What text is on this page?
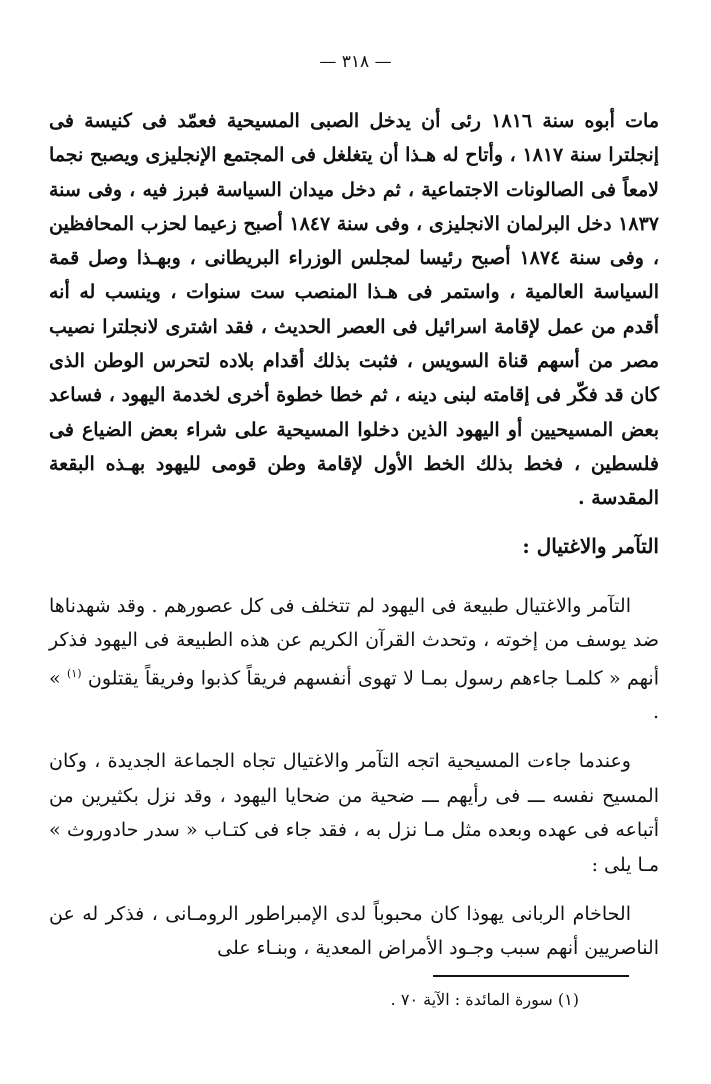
— ٣١٨ —

مات أبوه سنة ١٨١٦ رئى أن يدخل الصبى المسيحية فعمّد فى كنيسة فى إنجلترا سنة ١٨١٧ ، وأتاح له هـذا أن يتغلغل فى المجتمع الإنجليزى ويصبح نجما لامعاً فى الصالونات الاجتماعية ، ثم دخل ميدان السياسة فبرز فيه ، وفى سنة ١٨٣٧ دخل البرلمان الانجليزى ، وفى سنة ١٨٤٧ أصبح زعيما لحزب المحافظين ، وفى سنة ١٨٧٤ أصبح رئيسا لمجلس الوزراء البريطانى ، وبهـذا وصل قمة السياسة العالمية ، واستمر فى هـذا المنصب ست سنوات ، وينسب له أنه أقدم من عمل لإقامة اسرائيل فى العصر الحديث ، فقد اشترى لانجلترا نصيب مصر من أسهم قناة السويس ، فثبت بذلك أقدام بلاده لتحرس الوطن الذى كان قد فكّر فى إقامته لبنى دينه ، ثم خطا خطوة أخرى لخدمة اليهود ، فساعد بعض المسيحيين أو اليهود الذين دخلوا المسيحية على شراء بعض الضياع فى فلسطين ، فخط بذلك الخط الأول لإقامة وطن قومى لليهود بهـذه البقعة المقدسة .

التآمر والاغتيال :

التآمر والاغتيال طبيعة فى اليهود لم تتخلف فى كل عصورهم . وقد شهدناها ضد يوسف من إخوته ، وتحدث القرآن الكريم عن هذه الطبيعة فى اليهود فذكر أنهم « كلمـا جاءهم رسول بمـا لا تهوى أنفسهم فريقاً كذبوا وفريقاً يقتلون $^{(١)}$ » .

وعندما جاءت المسيحية اتجه التآمر والاغتيال تجاه الجماعة الجديدة ، وكان المسيح نفسه ـــ فى رأيهم ـــ ضحية من ضحايا اليهود ، وقد نزل بكثيرين من أتباعه فى عهده وبعده مثل مـا نزل به ، فقد جاء فى كتـاب « سدر حادوروث » مـا يلى :

الحاخام الربانى يهوذا كان محبوباً لدى الإمبراطور الرومـانى ، فذكر له عن الناصريين أنهم سبب وجـود الأمراض المعدية ، وبنـاء على

(١) سورة المائدة : الآية ٧٠ .
